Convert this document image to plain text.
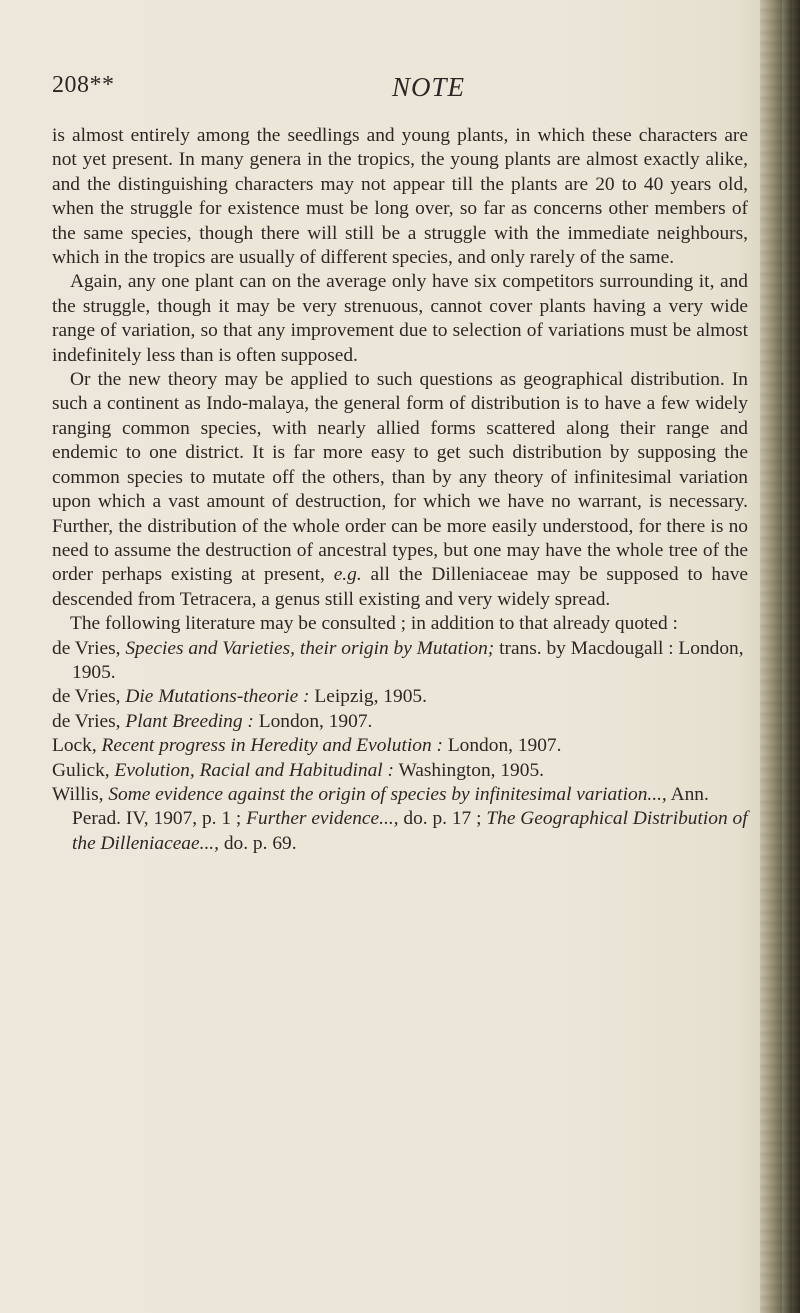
208**	NOTE

is almost entirely among the seedlings and young plants, in which these characters are not yet present. In many genera in the tropics, the young plants are almost exactly alike, and the distinguishing characters may not appear till the plants are 20 to 40 years old, when the struggle for existence must be long over, so far as concerns other members of the same species, though there will still be a struggle with the immediate neighbours, which in the tropics are usually of different species, and only rarely of the same.

Again, any one plant can on the average only have six competitors surrounding it, and the struggle, though it may be very strenuous, cannot cover plants having a very wide range of variation, so that any improvement due to selection of variations must be almost indefinitely less than is often supposed.

Or the new theory may be applied to such questions as geographical distribution. In such a continent as Indo-malaya, the general form of distribution is to have a few widely ranging common species, with nearly allied forms scattered along their range and endemic to one district. It is far more easy to get such distribution by supposing the common species to mutate off the others, than by any theory of infinitesimal variation upon which a vast amount of destruction, for which we have no warrant, is necessary. Further, the distribution of the whole order can be more easily understood, for there is no need to assume the destruction of ancestral types, but one may have the whole tree of the order perhaps existing at present, e.g. all the Dilleniaceae may be supposed to have descended from Tetracera, a genus still existing and very widely spread.

The following literature may be consulted ; in addition to that already quoted :

de Vries, Species and Varieties, their origin by Mutation; trans. by Macdougall : London, 1905.
de Vries, Die Mutations-theorie : Leipzig, 1905.
de Vries, Plant Breeding : London, 1907.
Lock, Recent progress in Heredity and Evolution : London, 1907.
Gulick, Evolution, Racial and Habitudinal : Washington, 1905.
Willis, Some evidence against the origin of species by infinitesimal variation..., Ann. Perad. IV, 1907, p. 1 ; Further evidence..., do. p. 17 ; The Geographical Distribution of the Dilleniaceae..., do. p. 69.
